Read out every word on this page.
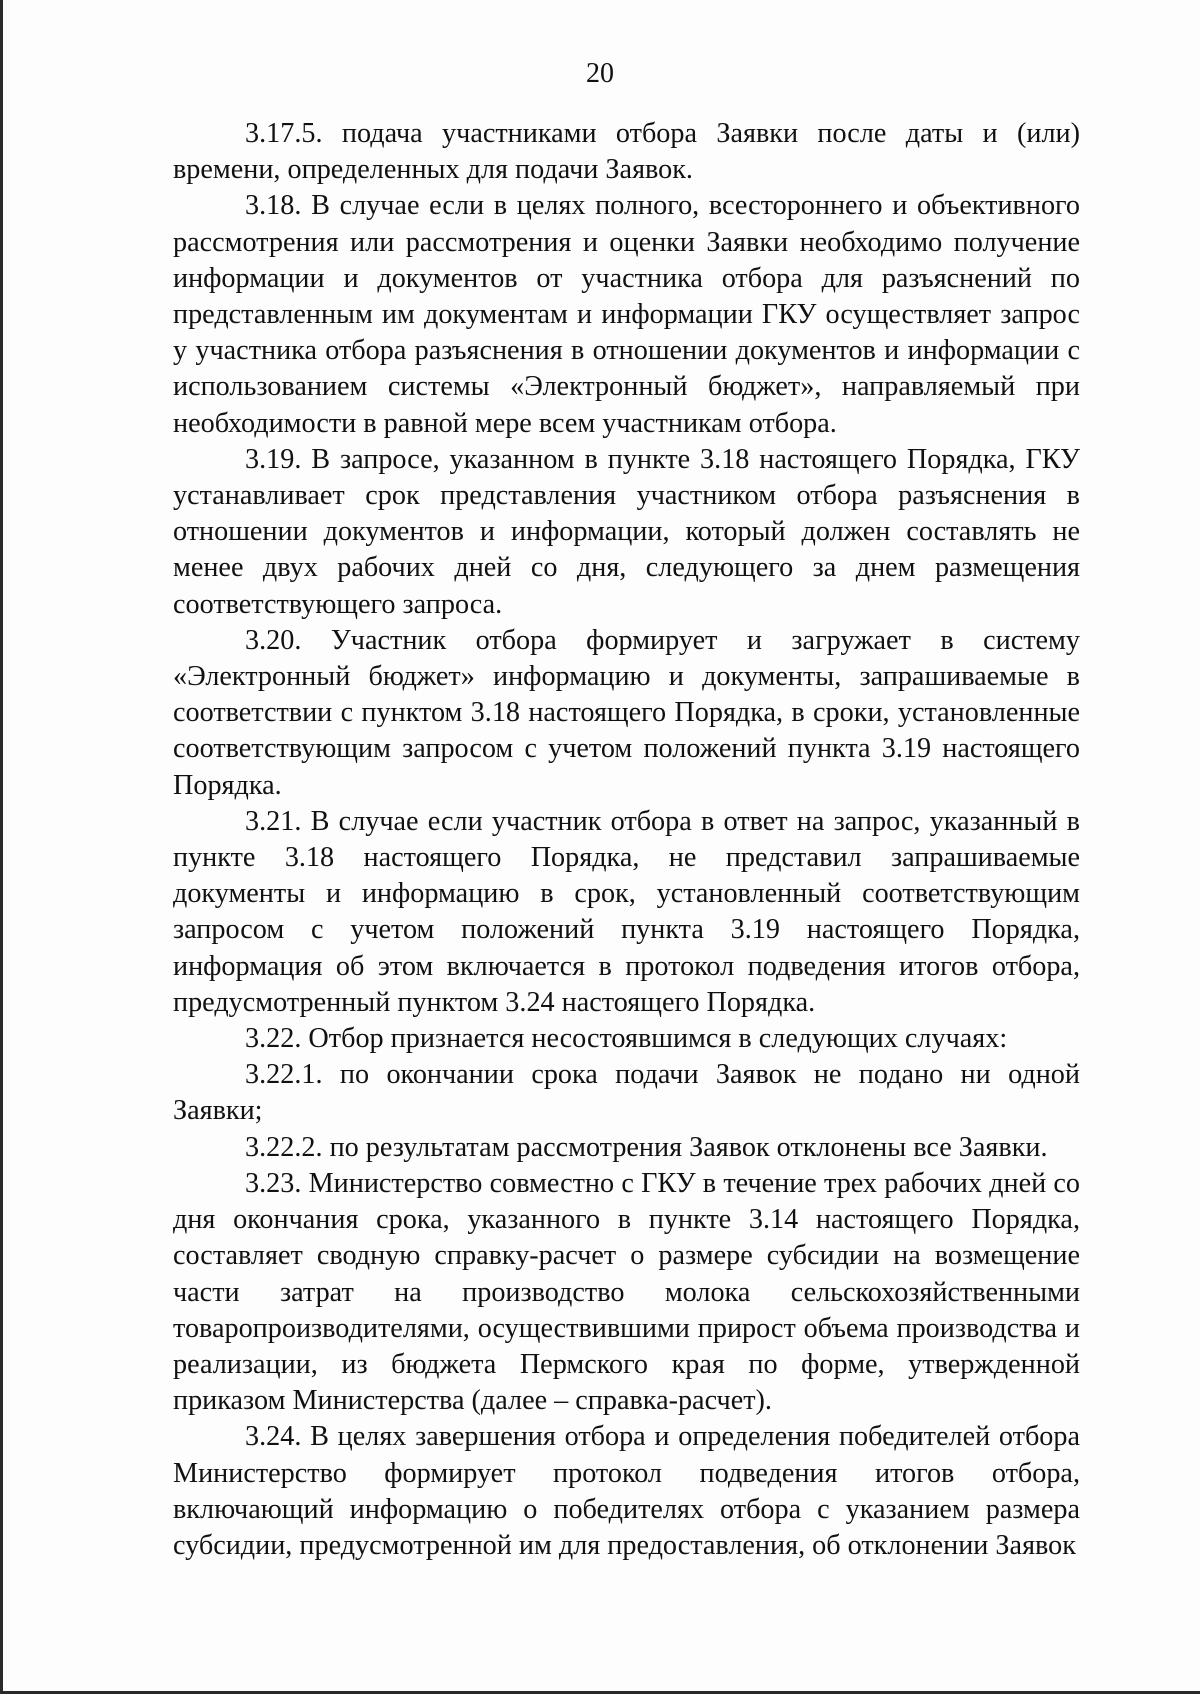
20

3.17.5. подача участниками отбора Заявки после даты и (или) времени, определенных для подачи Заявок.

3.18. В случае если в целях полного, всестороннего и объективного рассмотрения или рассмотрения и оценки Заявки необходимо получение информации и документов от участника отбора для разъяснений по представленным им документам и информации ГКУ осуществляет запрос у участника отбора разъяснения в отношении документов и информации с использованием системы «Электронный бюджет», направляемый при необходимости в равной мере всем участникам отбора.

3.19. В запросе, указанном в пункте 3.18 настоящего Порядка, ГКУ устанавливает срок представления участником отбора разъяснения в отношении документов и информации, который должен составлять не менее двух рабочих дней со дня, следующего за днем размещения соответствующего запроса.

3.20. Участник отбора формирует и загружает в систему «Электронный бюджет» информацию и документы, запрашиваемые в соответствии с пунктом 3.18 настоящего Порядка, в сроки, установленные соответствующим запросом с учетом положений пункта 3.19 настоящего Порядка.

3.21. В случае если участник отбора в ответ на запрос, указанный в пункте 3.18 настоящего Порядка, не представил запрашиваемые документы и информацию в срок, установленный соответствующим запросом с учетом положений пункта 3.19 настоящего Порядка, информация об этом включается в протокол подведения итогов отбора, предусмотренный пунктом 3.24 настоящего Порядка.

3.22. Отбор признается несостоявшимся в следующих случаях:

3.22.1. по окончании срока подачи Заявок не подано ни одной Заявки;

3.22.2. по результатам рассмотрения Заявок отклонены все Заявки.

3.23. Министерство совместно с ГКУ в течение трех рабочих дней со дня окончания срока, указанного в пункте 3.14 настоящего Порядка, составляет сводную справку-расчет о размере субсидии на возмещение части затрат на производство молока сельскохозяйственными товаропроизводителями, осуществившими прирост объема производства и реализации, из бюджета Пермского края по форме, утвержденной приказом Министерства (далее – справка-расчет).

3.24. В целях завершения отбора и определения победителей отбора Министерство формирует протокол подведения итогов отбора, включающий информацию о победителях отбора с указанием размера субсидии, предусмотренной им для предоставления, об отклонении Заявок
